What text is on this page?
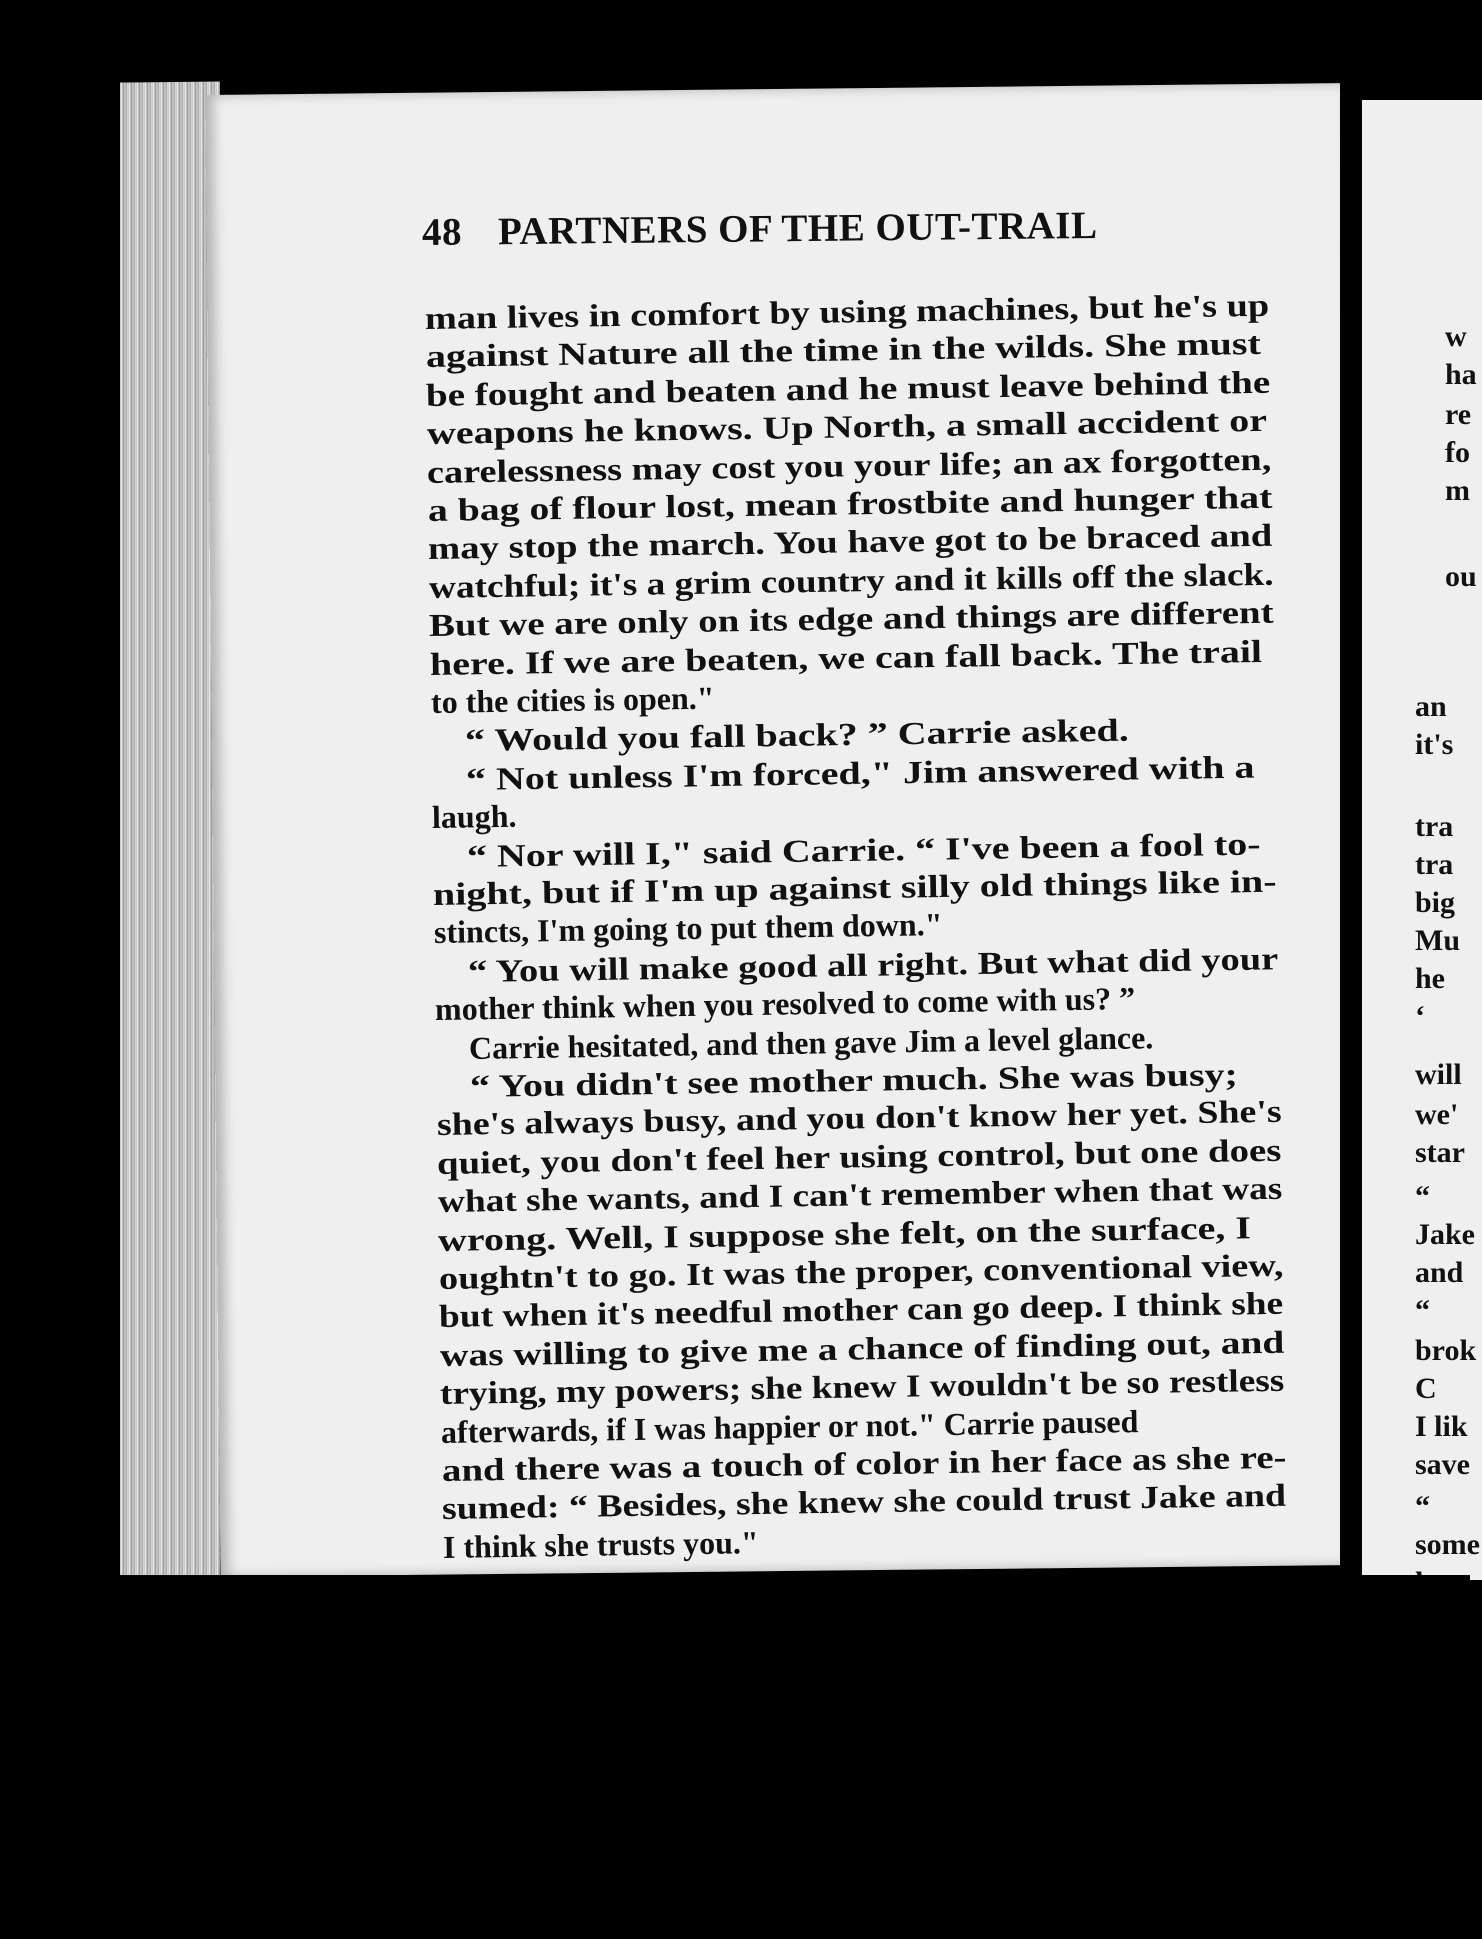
48 PARTNERS OF THE OUT-TRAIL
man lives in comfort by using machines, but he's up
against Nature all the time in the wilds. She must
be fought and beaten and he must leave behind the
weapons he knows. Up North, a small accident or
carelessness may cost you your life; an ax forgotten,
a bag of flour lost, mean frostbite and hunger that
may stop the march. You have got to be braced and
watchful; it's a grim country and it kills off the slack.
But we are only on its edge and things are different
here. If we are beaten, we can fall back. The trail
to the cities is open."
“ Would you fall back? ” Carrie asked.
“ Not unless I'm forced," Jim answered with a
laugh.
“ Nor will I," said Carrie. “ I've been a fool to-
night, but if I'm up against silly old things like in-
stincts, I'm going to put them down."
“ You will make good all right. But what did your
mother think when you resolved to come with us? ”
Carrie hesitated, and then gave Jim a level glance.
“ You didn't see mother much. She was busy;
she's always busy, and you don't know her yet. She's
quiet, you don't feel her using control, but one does
what she wants, and I can't remember when that was
wrong. Well, I suppose she felt, on the surface, I
oughtn't to go. It was the proper, conventional view,
but when it's needful mother can go deep. I think she
was willing to give me a chance of finding out, and
trying, my powers; she knew I wouldn't be so restless
afterwards, if I was happier or not." Carrie paused
and there was a touch of color in her face as she re-
sumed: “ Besides, she knew she could trust Jake and
I think she trusts you."
w
ha
re
fo
m
ou
an
it's
tra
tra
big
Mu
he
‘
will
we'
star
“
Jake
and
“
brok
C
I lik
save
“
some
